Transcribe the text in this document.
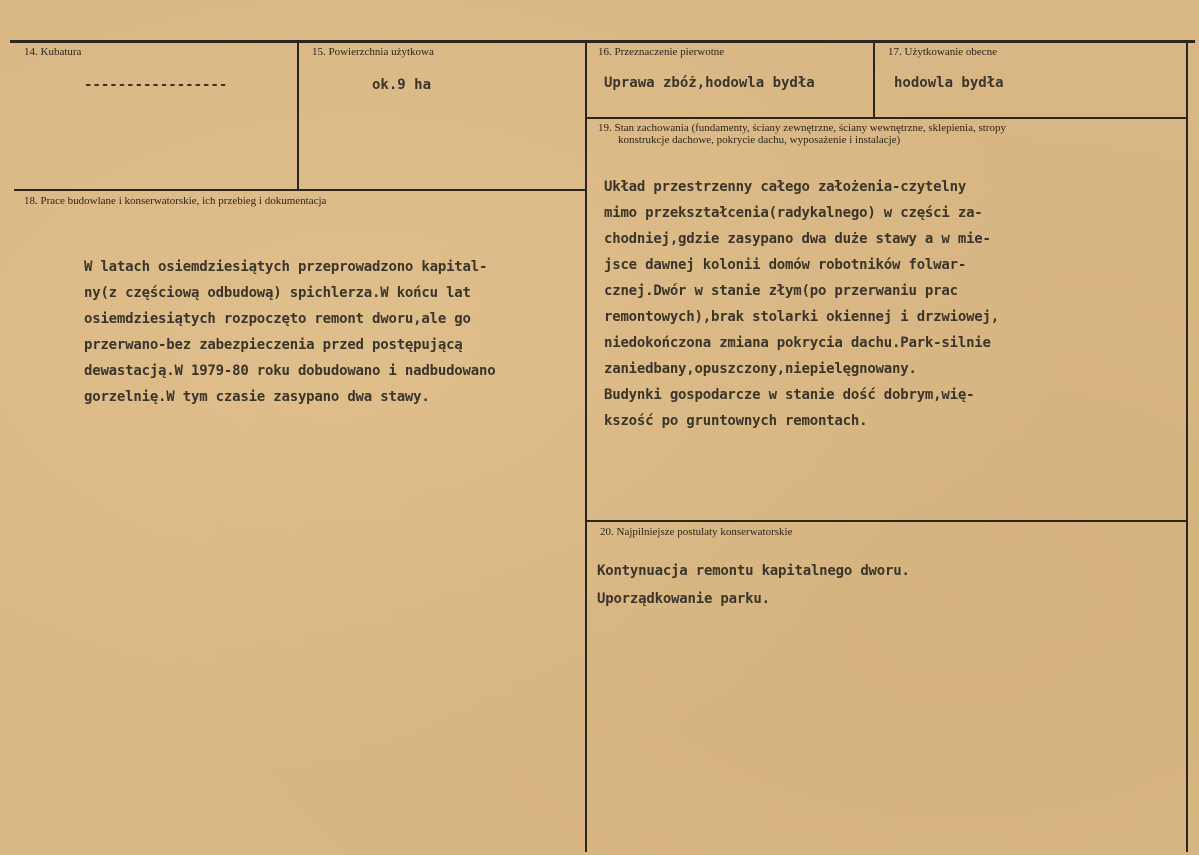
14. Kubatura
-----------------
15. Powierzchnia użytkowa
ok.9 ha
16. Przeznaczenie pierwotne
Uprawa zbóż,hodowla bydła
17. Użytkowanie obecne
hodowla bydła
18. Prace budowlane i konserwatorskie, ich przebieg i dokumentacja
W latach osiemdziesiątych przeprowadzono kapital-
ny(z częściową odbudową) spichlerza.W końcu lat
osiemdziesiątych rozpoczęto remont dworu,ale go
przerwano-bez zabezpieczenia przed postępującą
dewastacją.W 1979-80 roku dobudowano i nadbudowano
gorzelnię.W tym czasie zasypano dwa stawy.
19. Stan zachowania (fundamenty, ściany zewnętrzne, ściany wewnętrzne, sklepienia, stropy
konstrukcje dachowe, pokrycie dachu, wyposażenie i instalacje)
Układ przestrzenny całego założenia-czytelny
mimo przekształcenia(radykalnego) w części za-
chodniej,gdzie zasypano dwa duże stawy a w mie-
jsce dawnej kolonii domów robotników folwar-
cznej.Dwór w stanie złym(po przerwaniu prac
remontowych),brak stolarki okiennej i drzwiowej,
niedokończona zmiana pokrycia dachu.Park-silnie
zaniedbany,opuszczony,niepielęgnowany.
Budynki gospodarcze w stanie dość dobrym,wię-
kszość po gruntownych remontach.
20. Najpilniejsze postulaty konserwatorskie
Kontynuacja remontu kapitalnego dworu.
Uporządkowanie parku.
